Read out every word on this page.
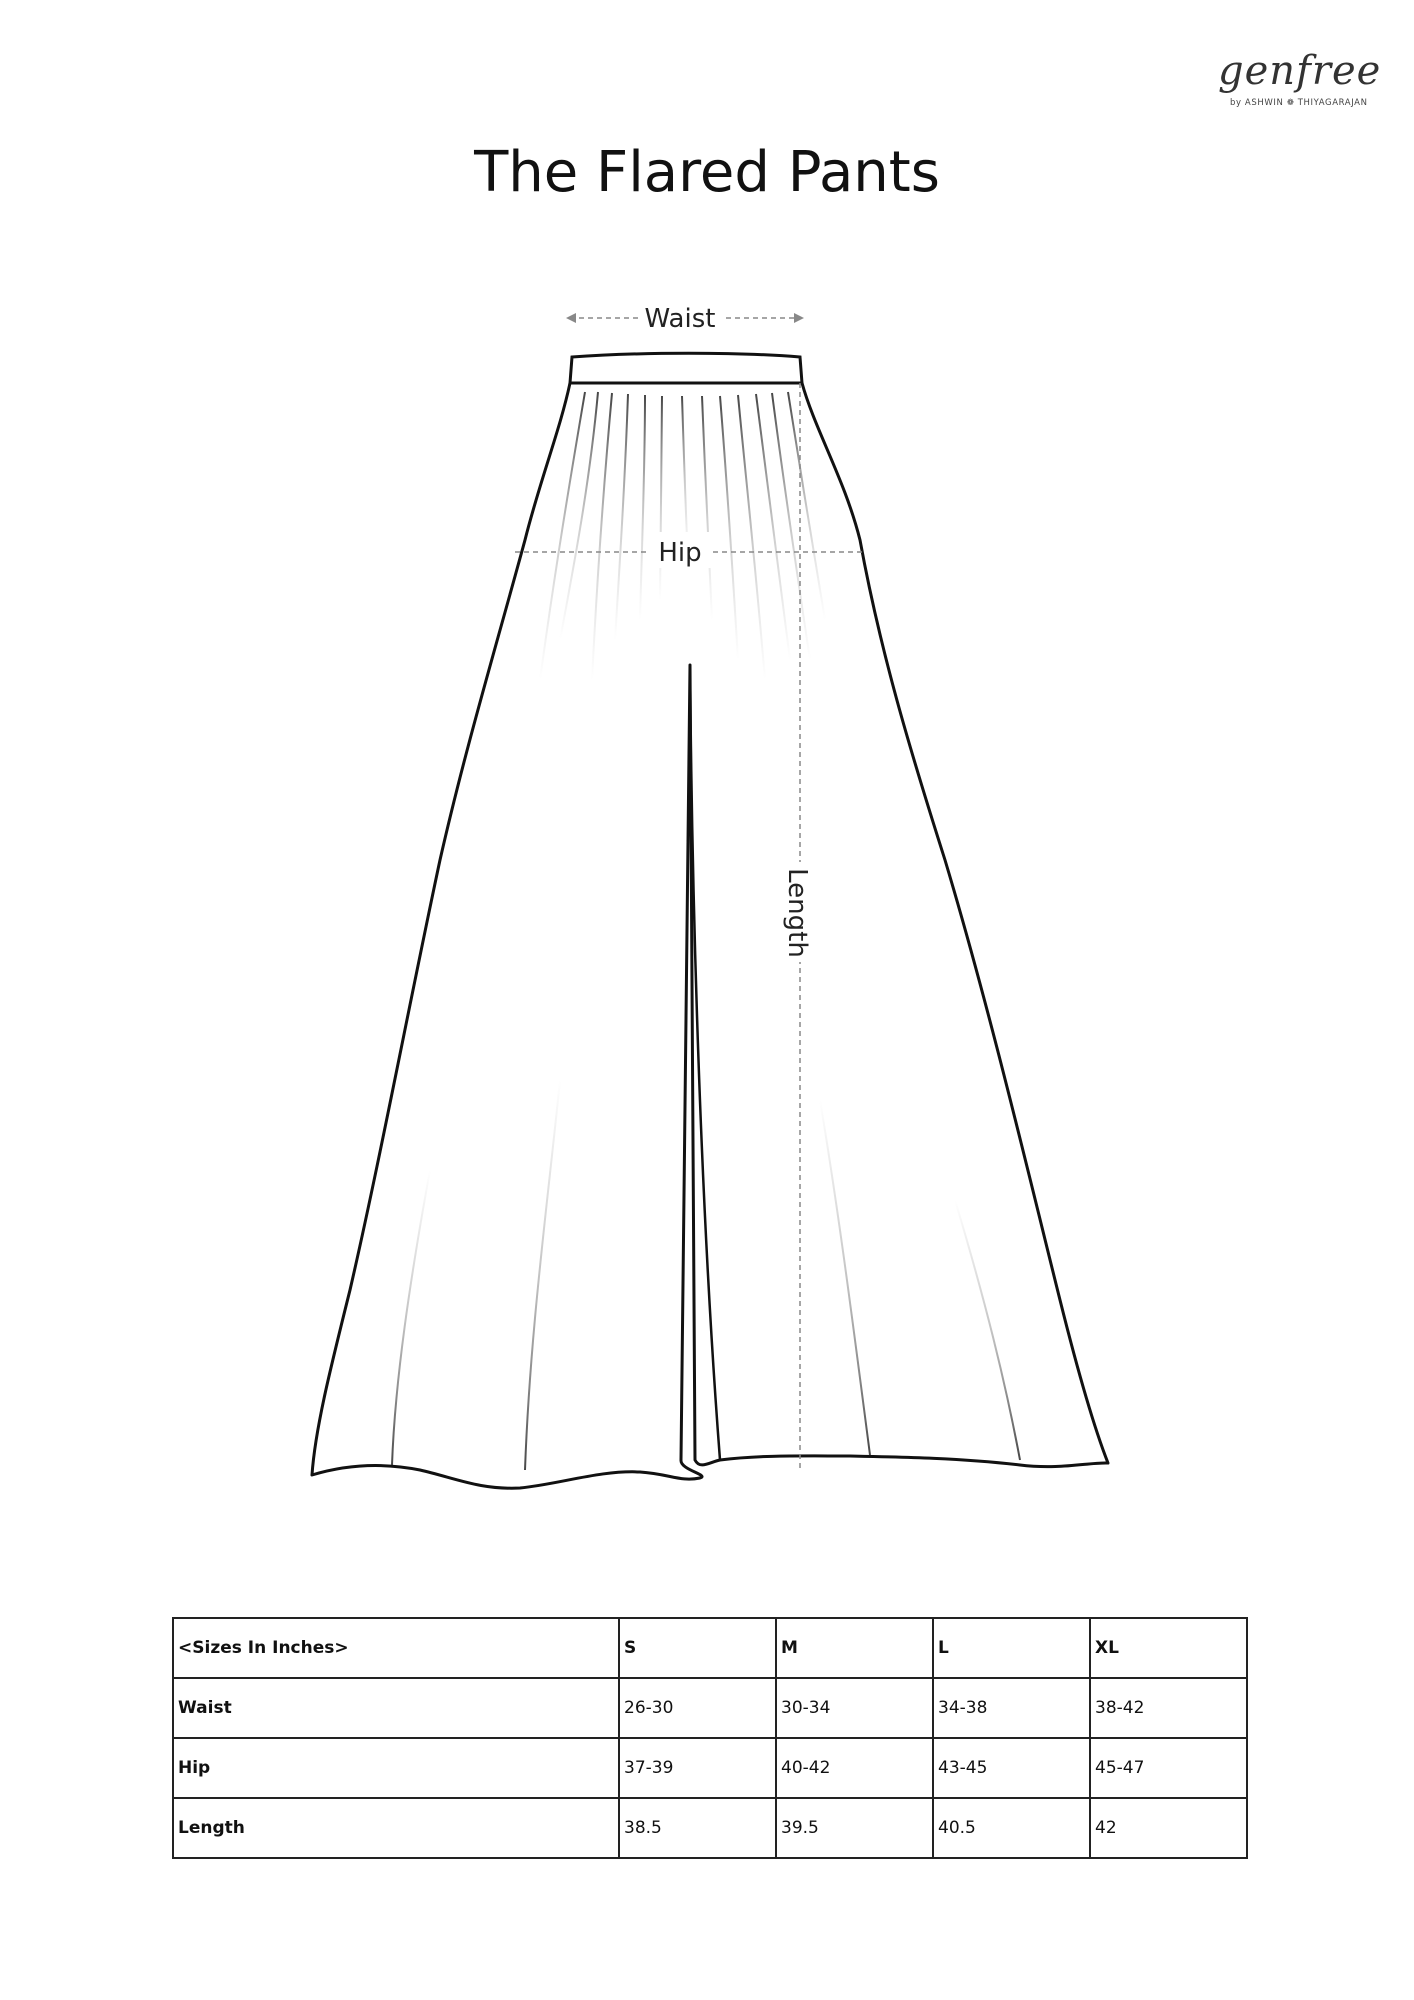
genfree
by ASHWIN ❁ THIYAGARAJAN
The Flared Pants
Waist
Hip
Length
<Sizes In Inches>	S	M	L	XL
Waist	26-30	30-34	34-38	38-42
Hip	37-39	40-42	43-45	45-47
Length	38.5	39.5	40.5	42
